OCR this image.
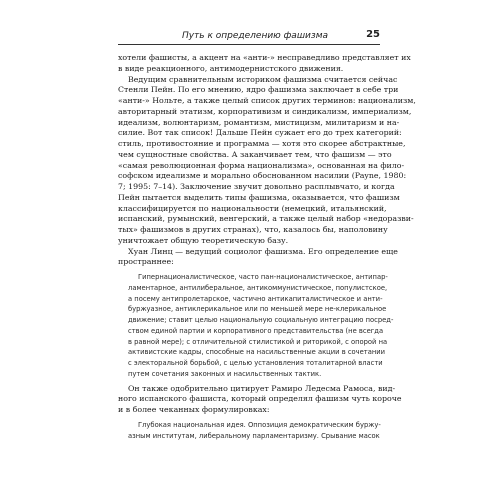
Путь к определению фашизма	25
хотели фашисты, а акцент на «анти-» несправедливо представляет их
в виде реакционного, антимодернистского движения.
Ведущим сравнительным историком фашизма считается сейчас
Стенли Пейн. По его мнению, ядро фашизма заключает в себе три
«анти-» Нольте, а также целый список других терминов: национализм,
авторитарный этатизм, корпоративизм и синдикализм, империализм,
идеализм, волюнтаризм, романтизм, мистицизм, милитаризм и на-
силие. Вот так список! Дальше Пейн сужает его до трех категорий:
стиль, противостояние и программа — хотя это скорее абстрактные,
чем сущностные свойства. А заканчивает тем, что фашизм — это
«самая революционная форма национализма», основанная на фило-
софском идеализме и морально обоснованном насилии (Payne, 1980:
7; 1995: 7–14). Заключение звучит довольно расплывчато, и когда
Пейн пытается выделить типы фашизма, оказывается, что фашизм
классифицируется по национальности (немецкий, итальянский,
испанский, румынский, венгерский, а также целый набор «недоразви-
тых» фашизмов в других странах), что, казалось бы, наполовину
уничтожает общую теоретическую базу.
Хуан Линц — ведущий социолог фашизма. Его определение еще
пространнее:
Гипернационалистическое, часто пан-националистическое, антипар-
ламентарное, антилиберальное, антикоммунистическое, популистское,
а посему антипролетарское, частично антикапиталистическое и анти-
буржуазное, антиклерикальное или по меньшей мере не-клерикальное
движение; ставит целью национальную социальную интеграцию посред-
ством единой партии и корпоративного представительства (не всегда
в равной мере); с отличительной стилистикой и риторикой, с опорой на
активистские кадры, способные на насильственные акции в сочетании
с электоральной борьбой, с целью установления тоталитарной власти
путем сочетания законных и насильственных тактик.
Он также одобрительно цитирует Рамиро Ледесма Рамоса, вид-
ного испанского фашиста, который определял фашизм чуть короче
и в более чеканных формулировках:
Глубокая национальная идея. Оппозиция демократическим буржу-
азным институтам, либеральному парламентаризму. Срывание масок
